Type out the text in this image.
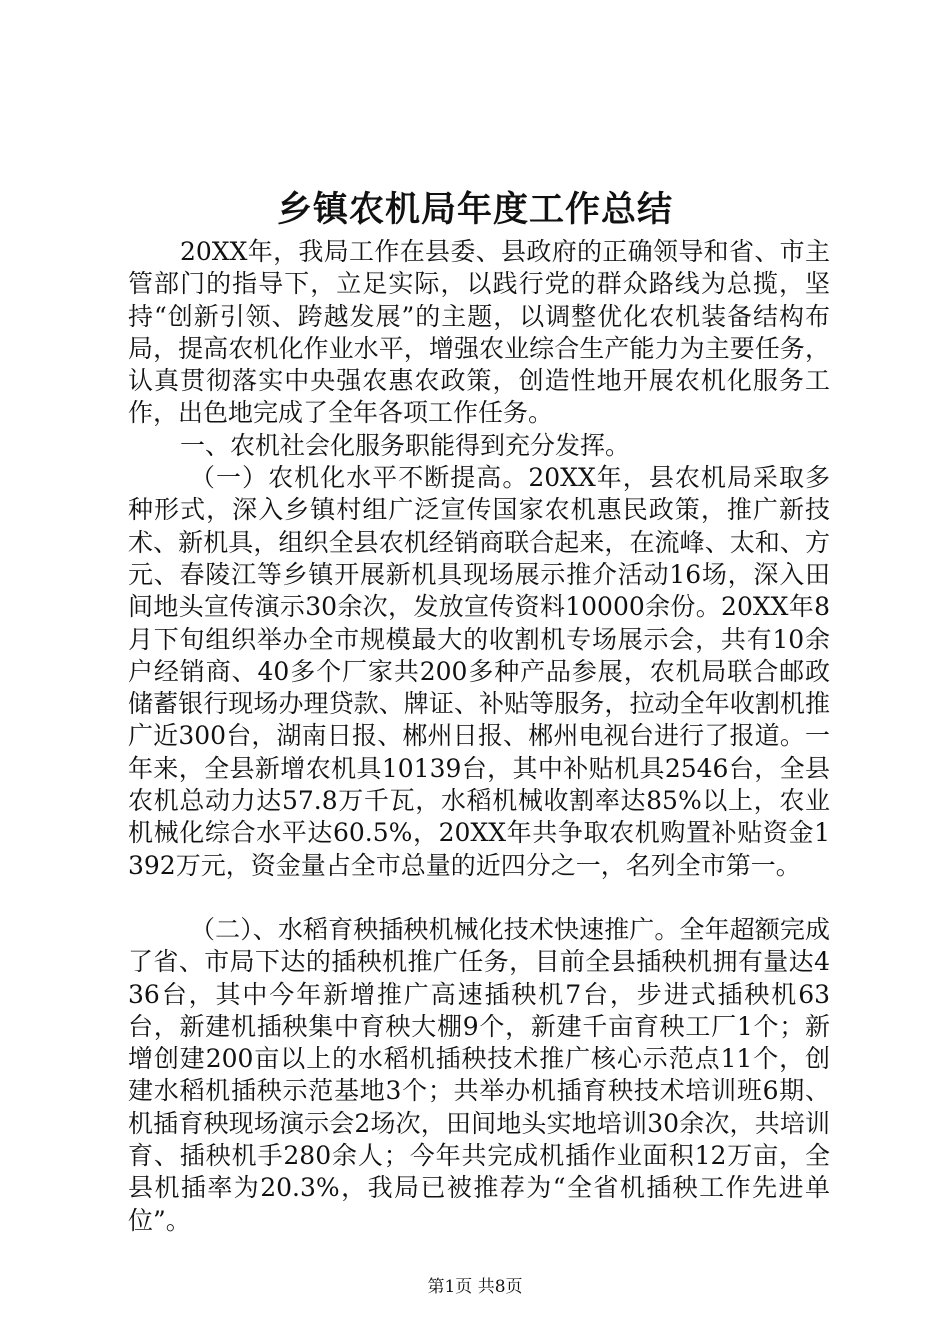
乡镇农机局年度工作总结

20XX年，我局工作在县委、县政府的正确领导和省、市主管部门的指导下，立足实际，以践行党的群众路线为总揽，坚持“创新引领、跨越发展”的主题，以调整优化农机装备结构布局，提高农机化作业水平，增强农业综合生产能力为主要任务，认真贯彻落实中央强农惠农政策，创造性地开展农机化服务工作，出色地完成了全年各项工作任务。

一、农机社会化服务职能得到充分发挥。

（一）农机化水平不断提高。20XX年，县农机局采取多种形式，深入乡镇村组广泛宣传国家农机惠民政策，推广新技术、新机具，组织全县农机经销商联合起来，在流峰、太和、方元、春陵江等乡镇开展新机具现场展示推介活动16场，深入田间地头宣传演示30余次，发放宣传资料10000余份。20XX年8月下旬组织举办全市规模最大的收割机专场展示会，共有10余户经销商、40多个厂家共200多种产品参展，农机局联合邮政储蓄银行现场办理贷款、牌证、补贴等服务，拉动全年收割机推广近300台，湖南日报、郴州日报、郴州电视台进行了报道。一年来，全县新增农机具10139台，其中补贴机具2546台，全县农机总动力达57.8万千瓦，水稻机械收割率达85%以上，农业机械化综合水平达60.5%，20XX年共争取农机购置补贴资金1392万元，资金量占全市总量的近四分之一，名列全市第一。

（二）、水稻育秧插秧机械化技术快速推广。全年超额完成了省、市局下达的插秧机推广任务，目前全县插秧机拥有量达436台，其中今年新增推广高速插秧机7台，步进式插秧机63台，新建机插秧集中育秧大棚9个，新建千亩育秧工厂1个；新增创建200亩以上的水稻机插秧技术推广核心示范点11个，创建水稻机插秧示范基地3个；共举办机插育秧技术培训班6期、机插育秧现场演示会2场次，田间地头实地培训30余次，共培训育、插秧机手280余人；今年共完成机插作业面积12万亩，全县机插率为20.3%，我局已被推荐为“全省机插秧工作先进单位”。

第1页 共8页
